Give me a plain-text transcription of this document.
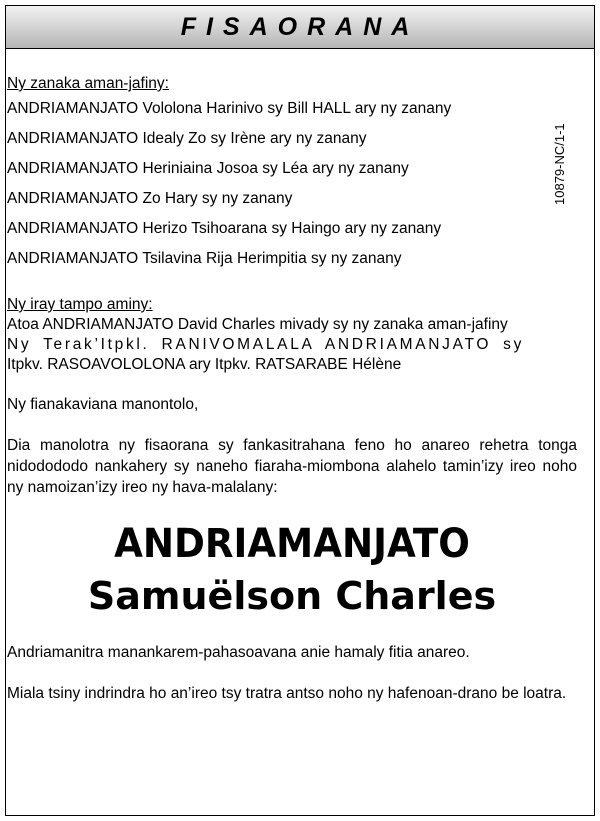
FISAORANA
Ny zanaka aman-jafiny:
ANDRIAMANJATO Vololona Harinivo sy Bill HALL ary ny zanany
ANDRIAMANJATO Idealy Zo sy Irène ary ny zanany
ANDRIAMANJATO Heriniaina Josoa sy Léa ary ny zanany
ANDRIAMANJATO Zo Hary sy ny zanany
ANDRIAMANJATO Herizo Tsihoarana sy Haingo ary ny zanany
ANDRIAMANJATO Tsilavina Rija Herimpitia sy ny zanany
Ny iray tampo aminy:
Atoa ANDRIAMANJATO David Charles mivady sy ny zanaka aman-jafiny
Ny Terak’Itpkl. RANIVOMALALA ANDRIAMANJATO sy
Itpkv. RASOAVOLOLONA ary Itpkv. RATSARABE Hélène
Ny fianakaviana manontolo,
Dia manolotra ny fisaorana sy fankasitrahana feno ho anareo rehetra tonga nidodododo nankahery sy naneho fiaraha-miombona alahelo tamin’izy ireo noho ny namoizan’izy ireo ny hava-malalany:
ANDRIAMANJATO
Samuëlson Charles
Andriamanitra manankarem-pahasoavana anie hamaly fitia anareo.
Miala tsiny indrindra ho an’ireo tsy tratra antso noho ny hafenoan-drano be loatra.
10879-NC/1-1
